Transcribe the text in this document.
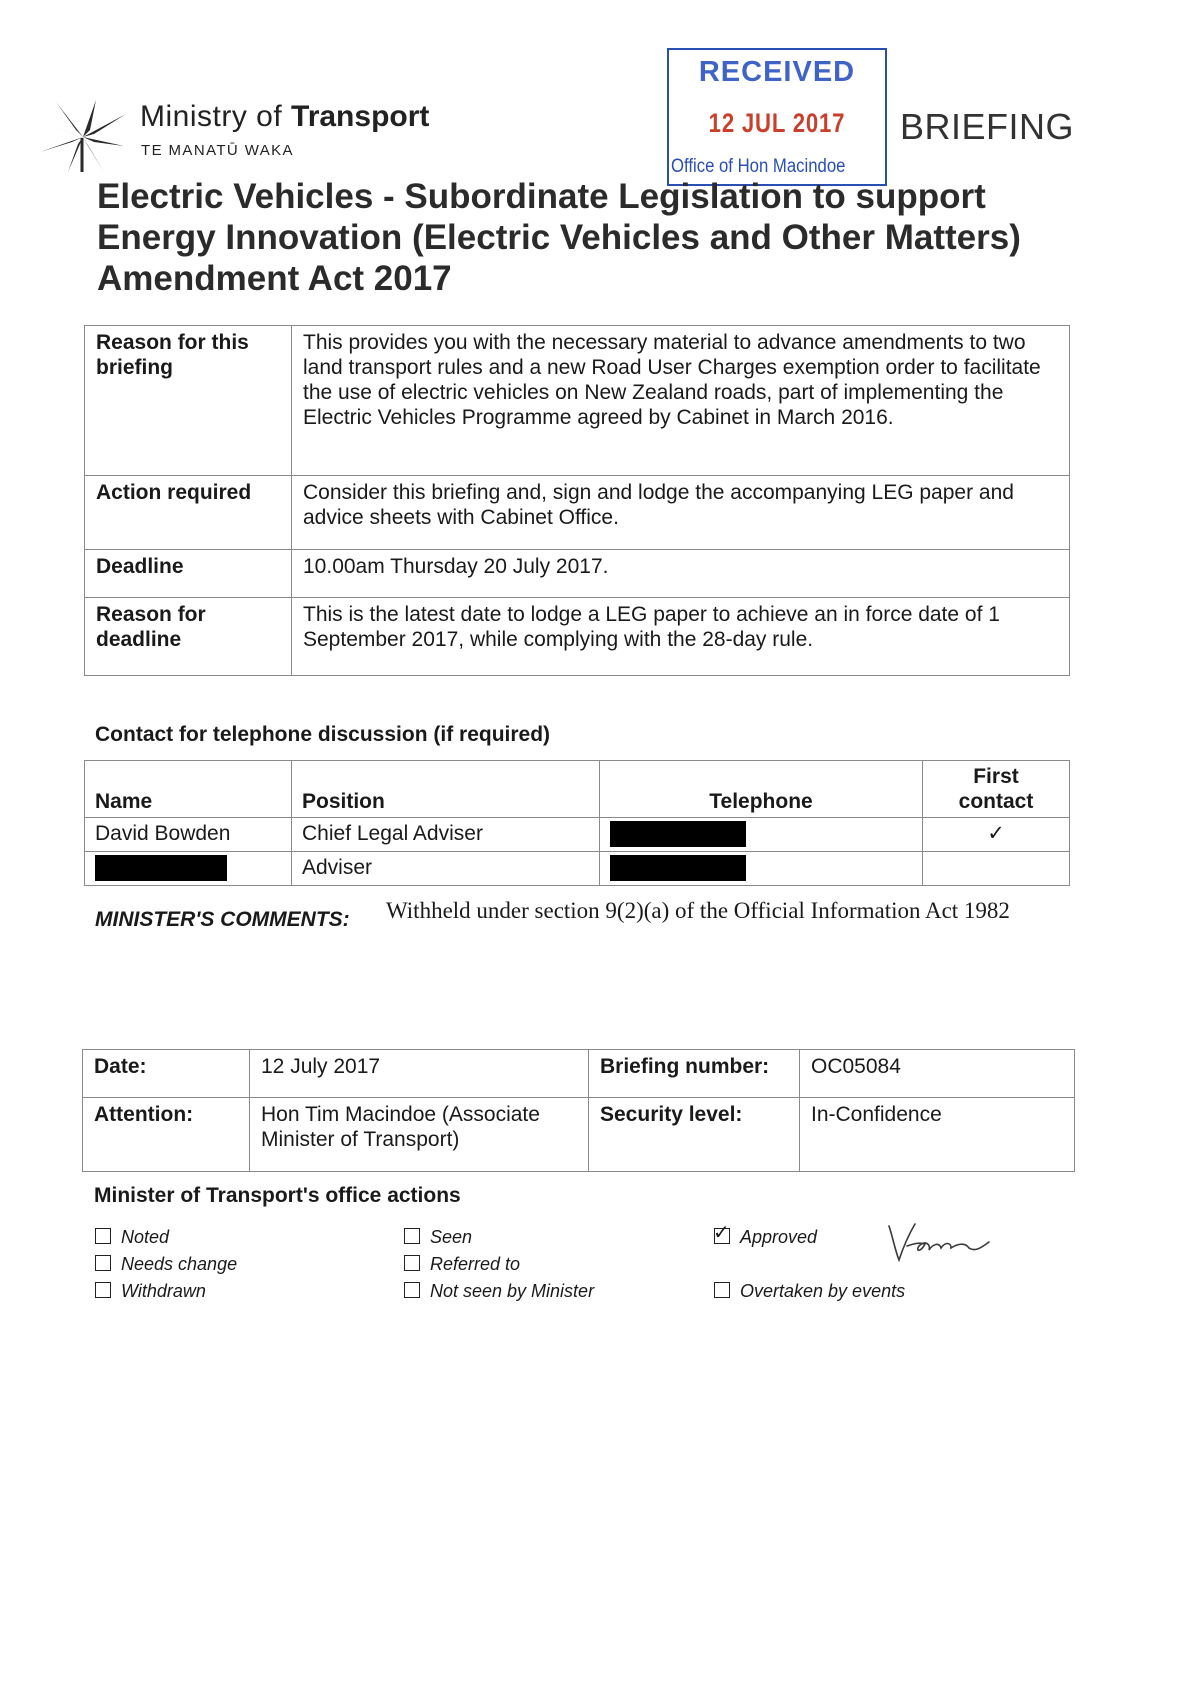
Ministry of Transport
TE MANATŪ WAKA
RECEIVED
12 JUL 2017
Office of Hon Macindoe
BRIEFING
Electric Vehicles - Subordinate Legislation to support Energy Innovation (Electric Vehicles and Other Matters) Amendment Act 2017
Reason for this briefing	This provides you with the necessary material to advance amendments to two land transport rules and a new Road User Charges exemption order to facilitate the use of electric vehicles on New Zealand roads, part of implementing the Electric Vehicles Programme agreed by Cabinet in March 2016.
Action required	Consider this briefing and, sign and lodge the accompanying LEG paper and advice sheets with Cabinet Office.
Deadline	10.00am Thursday 20 July 2017.
Reason for deadline	This is the latest date to lodge a LEG paper to achieve an in force date of 1 September 2017, while complying with the 28-day rule.
Contact for telephone discussion (if required)
Name	Position	Telephone	First contact
David Bowden	Chief Legal Adviser		✓
	Adviser		
MINISTER'S COMMENTS: Withheld under section 9(2)(a) of the Official Information Act 1982
Date:	12 July 2017	Briefing number:	OC05084
Attention:	Hon Tim Macindoe (Associate Minister of Transport)	Security level:	In-Confidence
Minister of Transport's office actions
Noted
Needs change
Withdrawn
Seen
Referred to
Not seen by Minister
✓ Approved
Overtaken by events
